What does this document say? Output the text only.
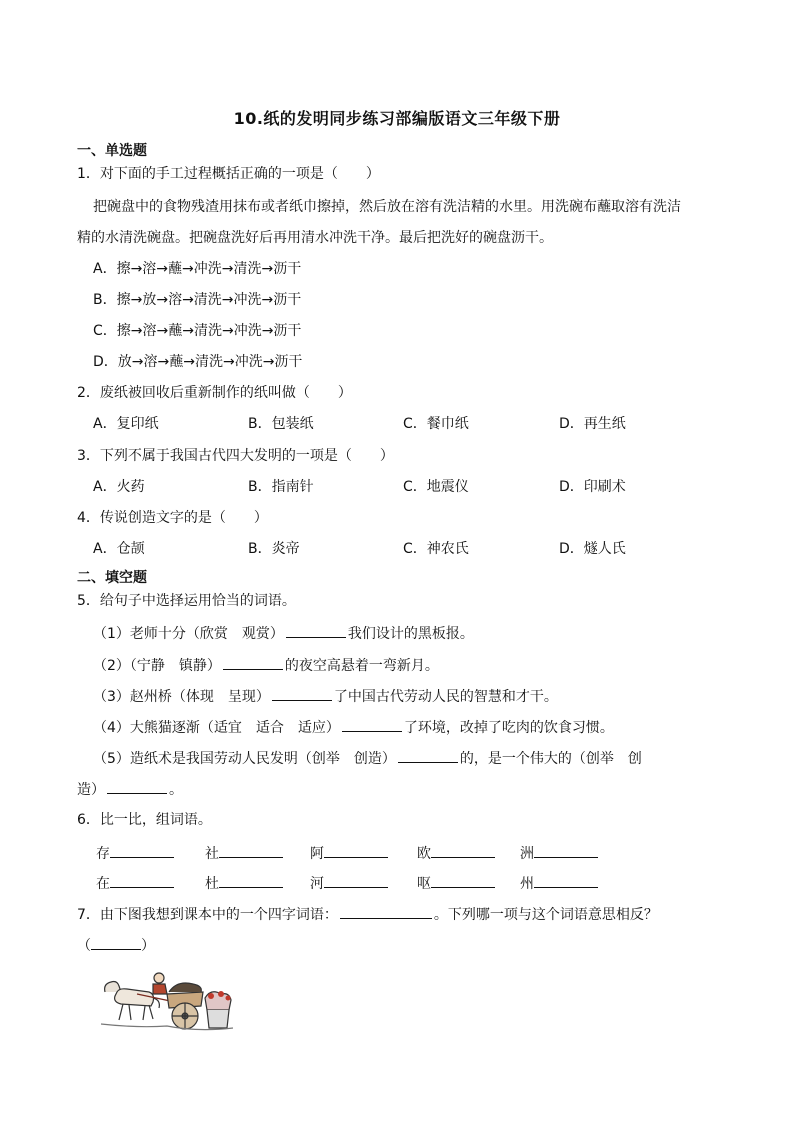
10.纸的发明同步练习部编版语文三年级下册
一、单选题
1．对下面的手工过程概括正确的一项是（　　）
把碗盘中的食物残渣用抹布或者纸巾擦掉，然后放在溶有洗洁精的水里。用洗碗布蘸取溶有洗洁
精的水清洗碗盘。把碗盘洗好后再用清水冲洗干净。最后把洗好的碗盘沥干。
A．擦→溶→蘸→冲洗→清洗→沥干
B．擦→放→溶→清洗→冲洗→沥干
C．擦→溶→蘸→清洗→冲洗→沥干
D．放→溶→蘸→清洗→冲洗→沥干
2．废纸被回收后重新制作的纸叫做（　　）
A．复印纸	B．包装纸	C．餐巾纸	D．再生纸
3．下列不属于我国古代四大发明的一项是（　　）
A．火药	B．指南针	C．地震仪	D．印刷术
4．传说创造文字的是（　　）
A．仓颉	B．炎帝	C．神农氏	D．燧人氏
二、填空题
5．给句子中选择运用恰当的词语。
（1）老师十分（欣赏　观赏）	我们设计的黑板报。
（2）（宁静　镇静）	的夜空高悬着一弯新月。
（3）赵州桥（体现　呈现）	了中国古代劳动人民的智慧和才干。
（4）大熊猫逐渐（适宜　适合　适应）	了环境，改掉了吃肉的饮食习惯。
（5）造纸术是我国劳动人民发明（创举　创造）	的，是一个伟大的（创举　创
造）	。
6．比一比，组词语。
存	社	阿	欧	洲
在	杜	河	呕	州
7．由下图我想到课本中的一个四字词语：	。下列哪一项与这个词语意思相反？
（	）
